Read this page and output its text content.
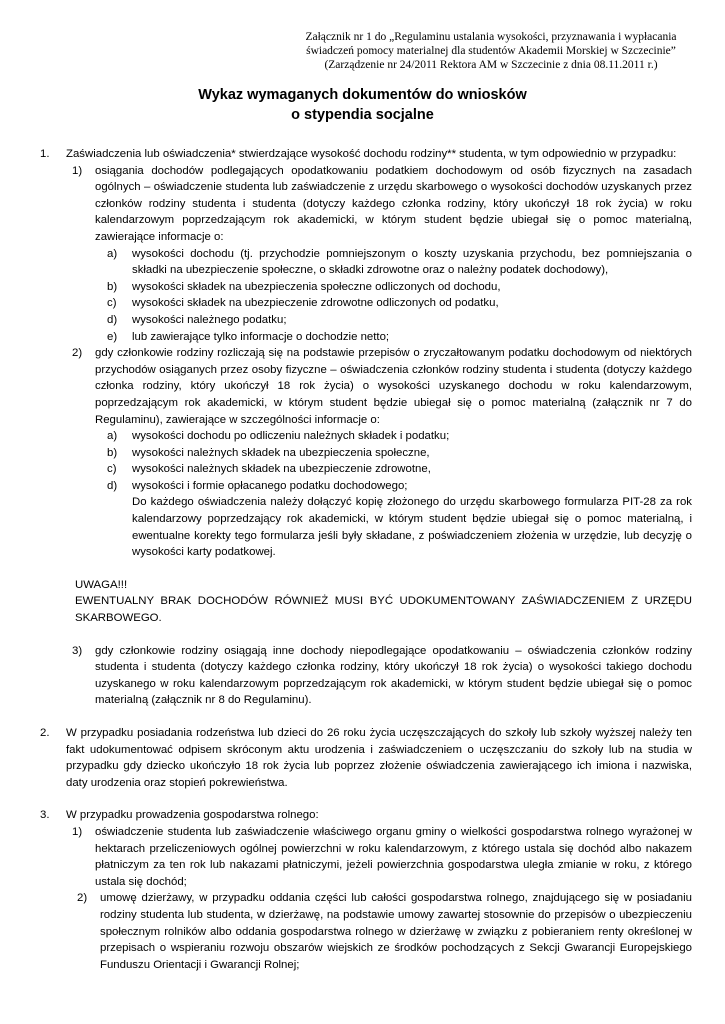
Załącznik nr 1 do „Regulaminu ustalania wysokości, przyznawania i wypłacania
świadczeń pomocy materialnej dla studentów Akademii Morskiej w Szczecinie”
(Zarządzenie nr 24/2011 Rektora AM w Szczecinie z dnia 08.11.2011 r.)
Wykaz wymaganych dokumentów do wniosków
o stypendia socjalne
1. Zaświadczenia lub oświadczenia* stwierdzające wysokość dochodu rodziny** studenta, w tym odpowiednio w przypadku:
1) osiągania dochodów podlegających opodatkowaniu podatkiem dochodowym od osób fizycznych na zasadach ogólnych – oświadczenie studenta lub zaświadczenie z urzędu skarbowego o wysokości dochodów uzyskanych przez członków rodziny studenta i studenta (dotyczy każdego członka rodziny, który ukończył 18 rok życia) w roku kalendarzowym poprzedzającym rok akademicki, w którym student będzie ubiegał się o pomoc materialną, zawierające informacje o:
a) wysokości dochodu (tj. przychodzie pomniejszonym o koszty uzyskania przychodu, bez pomniejszania o składki na ubezpieczenie społeczne, o składki zdrowotne oraz o należny podatek dochodowy),
b) wysokości składek na ubezpieczenia społeczne odliczonych od dochodu,
c) wysokości składek na ubezpieczenie zdrowotne odliczonych od podatku,
d) wysokości należnego podatku;
e) lub zawierające tylko informacje o dochodzie netto;
2) gdy członkowie rodziny rozliczają się na podstawie przepisów o zryczałtowanym podatku dochodowym od niektórych przychodów osiąganych przez osoby fizyczne – oświadczenia członków rodziny studenta i studenta (dotyczy każdego członka rodziny, który ukończył 18 rok życia) o wysokości uzyskanego dochodu w roku kalendarzowym, poprzedzającym rok akademicki, w którym student będzie ubiegał się o pomoc materialną (załącznik nr 7 do Regulaminu), zawierające w szczególności informacje o:
a) wysokości dochodu po odliczeniu należnych składek i podatku;
b) wysokości należnych składek na ubezpieczenia społeczne,
c) wysokości należnych składek na ubezpieczenie zdrowotne,
d) wysokości i formie opłacanego podatku dochodowego;
Do każdego oświadczenia należy dołączyć kopię złożonego do urzędu skarbowego formularza PIT-28 za rok kalendarzowy poprzedzający rok akademicki, w którym student będzie ubiegał się o pomoc materialną, i ewentualne korekty tego formularza jeśli były składane, z poświadczeniem złożenia w urzędzie, lub decyzję o wysokości karty podatkowej.
UWAGA!!!
EWENTUALNY BRAK DOCHODÓW RÓWNIEŻ MUSI BYĆ UDOKUMENTOWANY ZAŚWIADCZENIEM Z URZĘDU SKARBOWEGO.
3) gdy członkowie rodziny osiągają inne dochody niepodlegające opodatkowaniu – oświadczenia członków rodziny studenta i studenta (dotyczy każdego członka rodziny, który ukończył 18 rok życia) o wysokości takiego dochodu uzyskanego w roku kalendarzowym poprzedzającym rok akademicki, w którym student będzie ubiegał się o pomoc materialną (załącznik nr 8 do Regulaminu).
2. W przypadku posiadania rodzeństwa lub dzieci do 26 roku życia uczęszczających do szkoły lub szkoły wyższej należy ten fakt udokumentować odpisem skróconym aktu urodzenia i zaświadczeniem o uczęszczaniu do szkoły lub na studia w przypadku gdy dziecko ukończyło 18 rok życia lub poprzez złożenie oświadczenia zawierającego ich imiona i nazwiska, daty urodzenia oraz stopień pokrewieństwa.
3. W przypadku prowadzenia gospodarstwa rolnego:
1) oświadczenie studenta lub zaświadczenie właściwego organu gminy o wielkości gospodarstwa rolnego wyrażonej w hektarach przeliczeniowych ogólnej powierzchni w roku kalendarzowym, z którego ustala się dochód albo nakazem płatniczym za ten rok lub nakazami płatniczymi, jeżeli powierzchnia gospodarstwa uległa zmianie w roku, z którego ustala się dochód;
2) umowę dzierżawy, w przypadku oddania części lub całości gospodarstwa rolnego, znajdującego się w posiadaniu rodziny studenta lub studenta, w dzierżawę, na podstawie umowy zawartej stosownie do przepisów o ubezpieczeniu społecznym rolników albo oddania gospodarstwa rolnego w dzierżawę w związku z pobieraniem renty określonej w przepisach o wspieraniu rozwoju obszarów wiejskich ze środków pochodzących z Sekcji Gwarancji Europejskiego Funduszu Orientacji i Gwarancji Rolnej;
